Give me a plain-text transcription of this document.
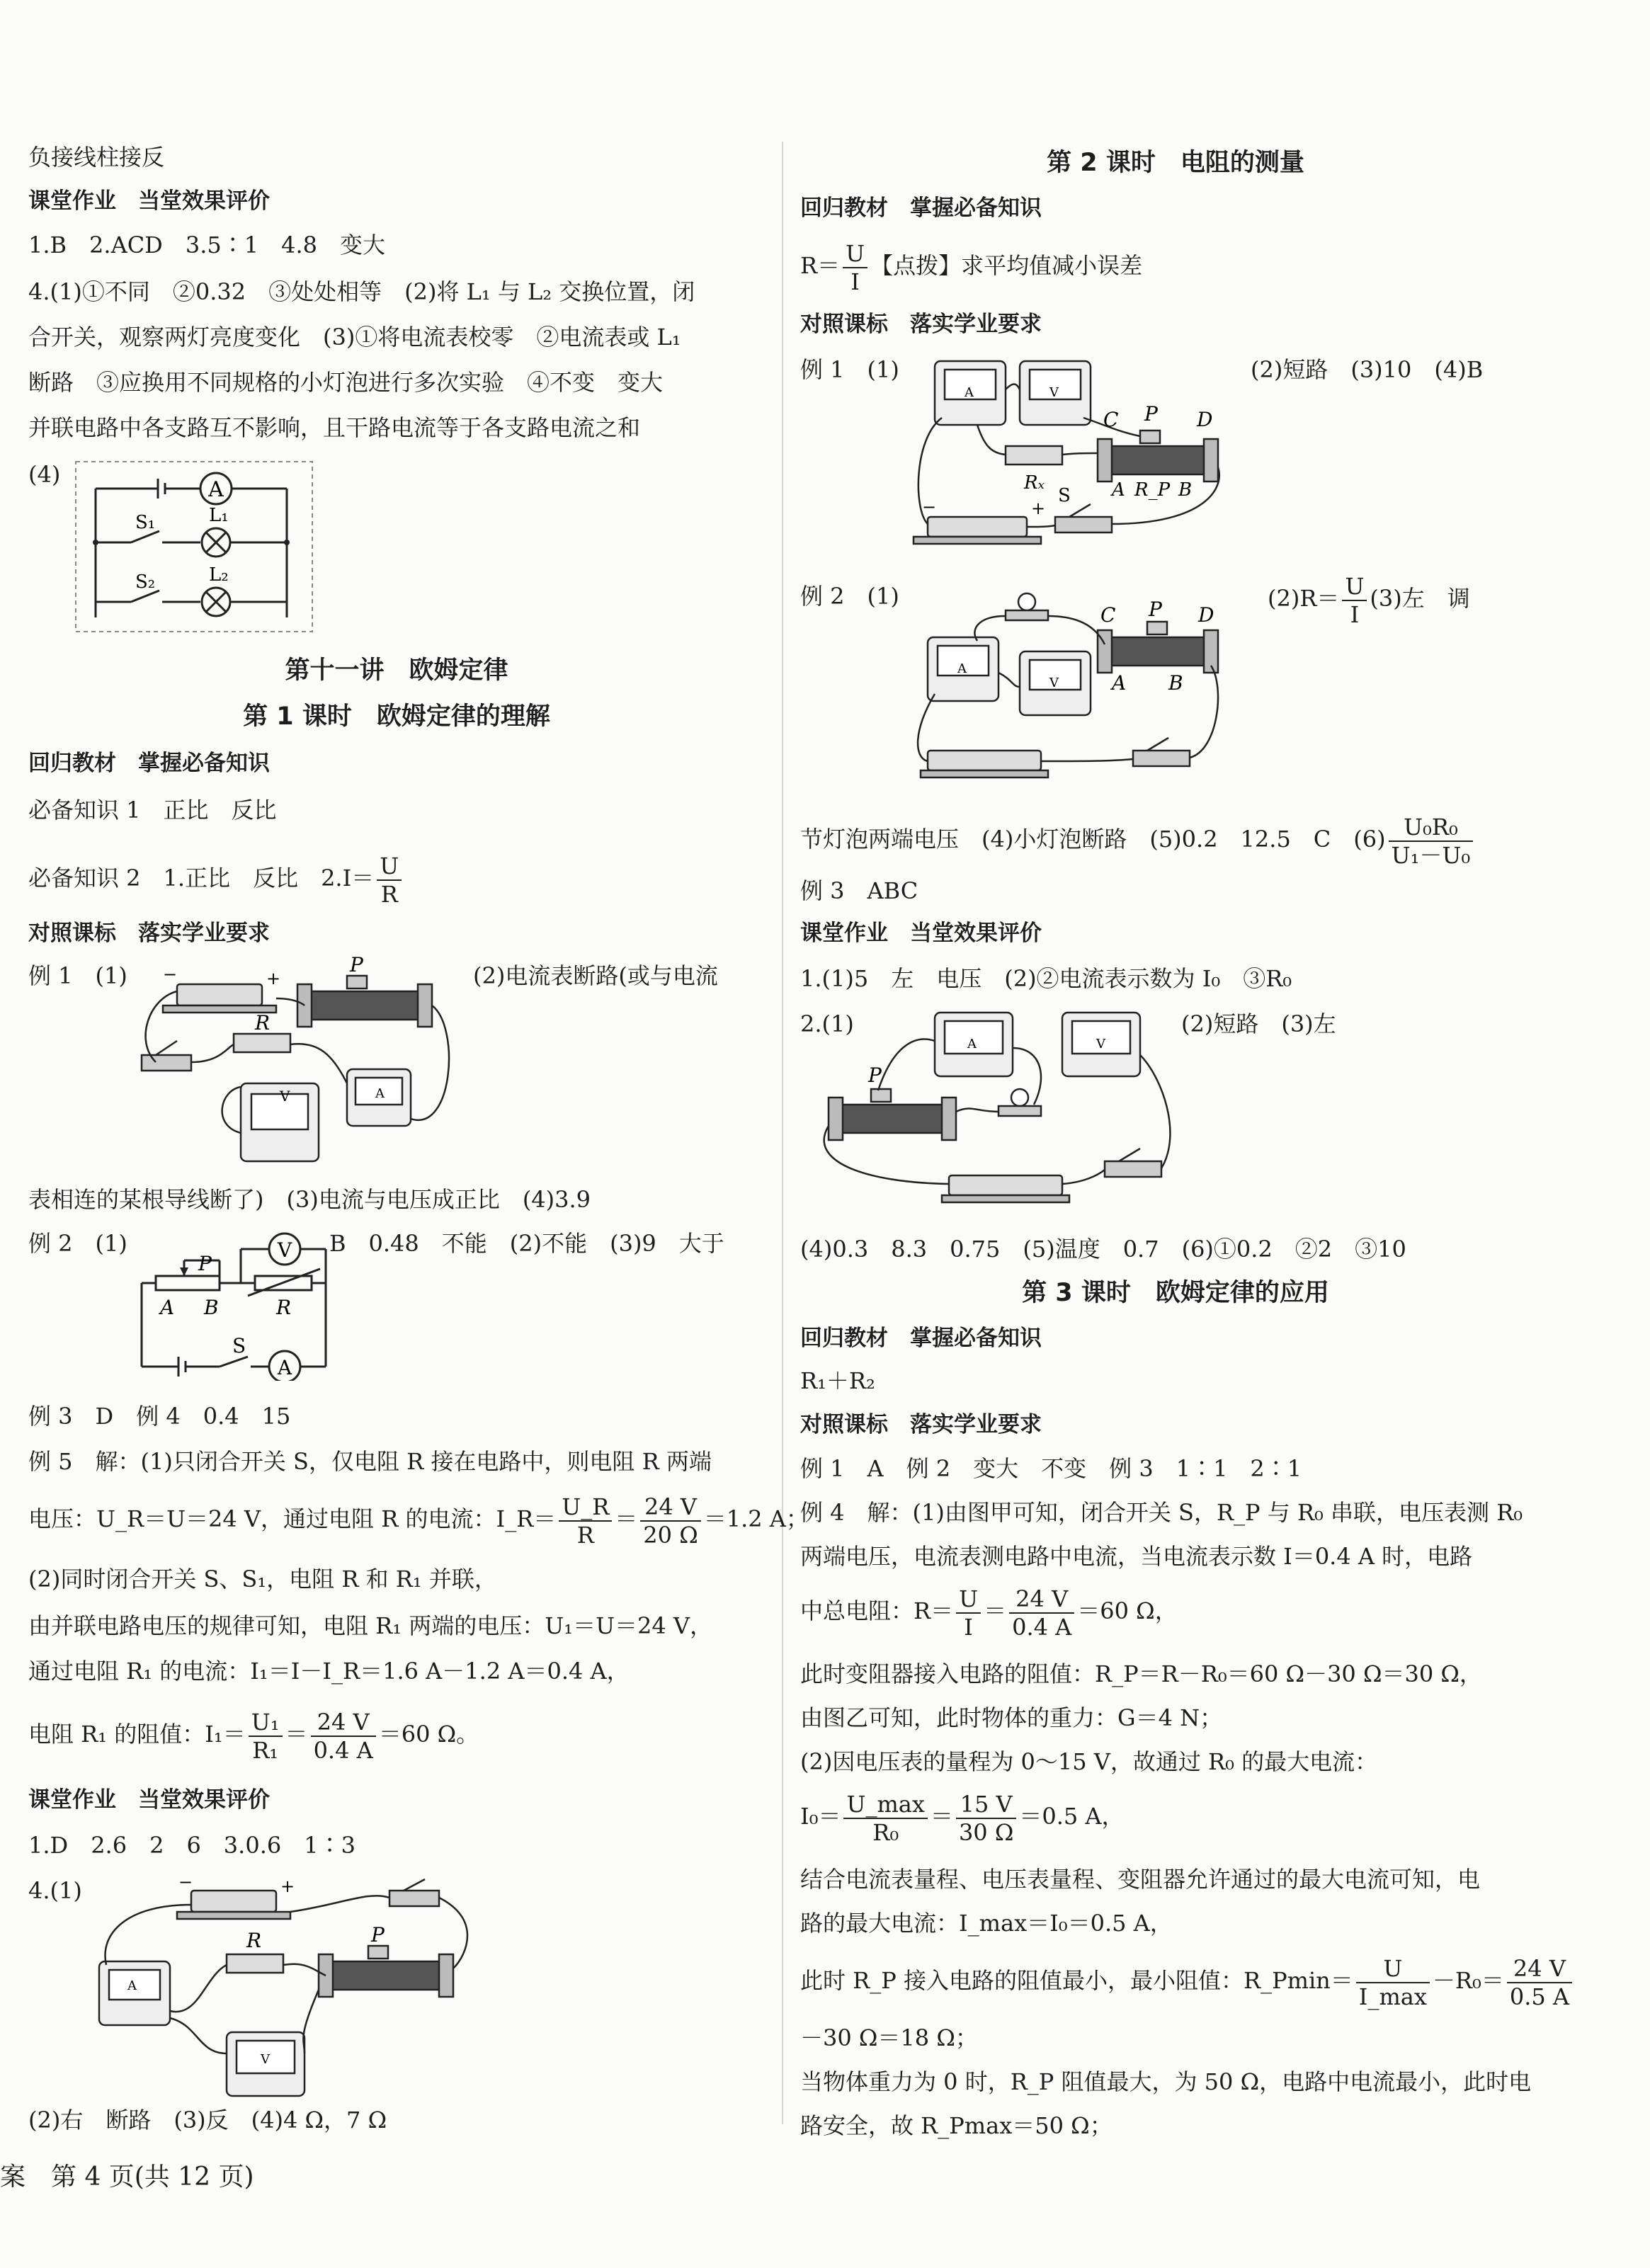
负接线柱接反
课堂作业　当堂效果评价
1.B　2.ACD　3.5∶1　4.8　变大
4.(1)①不同　②0.32　③处处相等　(2)将 L₁ 与 L₂ 交换位置，闭
合开关，观察两灯亮度变化　(3)①将电流表校零　②电流表或 L₁
断路　③应换用不同规格的小灯泡进行多次实验　④不变　变大
并联电路中各支路互不影响，且干路电流等于各支路电流之和
(4)
A
S₁
S₂
L₁
L₂
第十一讲　欧姆定律
第 1 课时　欧姆定律的理解
回归教材　掌握必备知识
必备知识 1　正比　反比
必备知识 2　1.正比　反比　$2.I= \frac{U}{R}$
对照课标　落实学业要求
例 1　(1)	(2)电流表断路(或与电流
V	A
−	+
P
R
表相连的某根导线断了)　(3)电流与电压成正比　(4)3.9
例 2　(1)	B　0.48　不能　(2)不能　(3)9　大于
V
P
A B	R
S
A
例 3　D　例 4　0.4　15
例 5　解：(1)只闭合开关 S，仅电阻 R 接在电路中，则电阻 R 两端
电压：U_R＝U＝24 V，通过电阻 R 的电流：I_R＝ $\frac{U\_R}{R} = \frac{24 V}{20 \Omega} =1.2$ A；
(2)同时闭合开关 S、S₁，电阻 R 和 R₁ 并联，
由并联电路电压的规律可知，电阻 R₁ 两端的电压：U₁＝U＝24 V，
通过电阻 R₁ 的电流：I₁＝I－I_R＝1.6 A－1.2 A＝0.4 A，
电阻 R₁ 的阻值：$I_1= \frac{\text{U₁}}{\text{R₁}} = \frac{24 V}{0.4 A} =60$ Ω。
课堂作业　当堂效果评价
1.D　2.6　2　6　3.0.6　1∶3
4.(1)
A
V
−	+
R	P
(2)右　断路　(3)反　(4)4 Ω，7 Ω
第 2 课时　电阻的测量
回归教材　掌握必备知识
$R= \frac{U}{I}$ 【点拨】求平均值减小误差
对照课标　落实学业要求
例 1　(1)	(2)短路　(3)10　(4)B
A	V
−	+
C P D
A R_P B
Rₓ
S
例 2　(1)	$(2)R= \frac{U}{I} (3)$左　调
A
V
C P D
A B
节灯泡两端电压　(4)小灯泡断路　(5)0.2　12.5　C　$(6) \frac{\text{U₀R₀}}{\text{U₁－U₀}}$
例 3　ABC
课堂作业　当堂效果评价
1.(1)5　左　电压　(2)②电流表示数为 I₀　③R₀
2.(1)	(2)短路　(3)左
A	V
P
(4)0.3　8.3　0.75　(5)温度　0.7　(6)①0.2　②2　③10
第 3 课时　欧姆定律的应用
回归教材　掌握必备知识
R₁＋R₂
对照课标　落实学业要求
例 1　A　例 2　变大　不变　例 3　1∶1　2∶1
例 4　解：(1)由图甲可知，闭合开关 S，R_P 与 R₀ 串联，电压表测 R₀
两端电压，电流表测电路中电流，当电流表示数 I＝0.4 A 时，电路
中总电阻：$R= \frac{U}{I} = \frac{24 V}{0.4 A} =60$ Ω，
此时变阻器接入电路的阻值：R_P＝R－R₀＝60 Ω－30 Ω＝30 Ω，
由图乙可知，此时物体的重力：G＝4 N；
(2)因电压表的量程为 0～15 V，故通过 R₀ 的最大电流：
I₀＝ U_max
R₀
＝ $\frac{15 V}{30 \Omega} =0.5$ A，
结合电流表量程、电压表量程、变阻器允许通过的最大电流可知，电
路的最大电流：I_max＝I₀＝0.5 A，
此时 R_P 接入电路的阻值最小，最小阻值：R_Pmin＝	U
I_max
$-R_0= \frac{24 V}{0.5 A}$
－30 Ω＝18 Ω；
当物体重力为 0 时，R_P 阻值最大，为 50 Ω，电路中电流最小，此时电
路安全，故 R_Pmax＝50 Ω；
案　第 4 页(共 12 页)
